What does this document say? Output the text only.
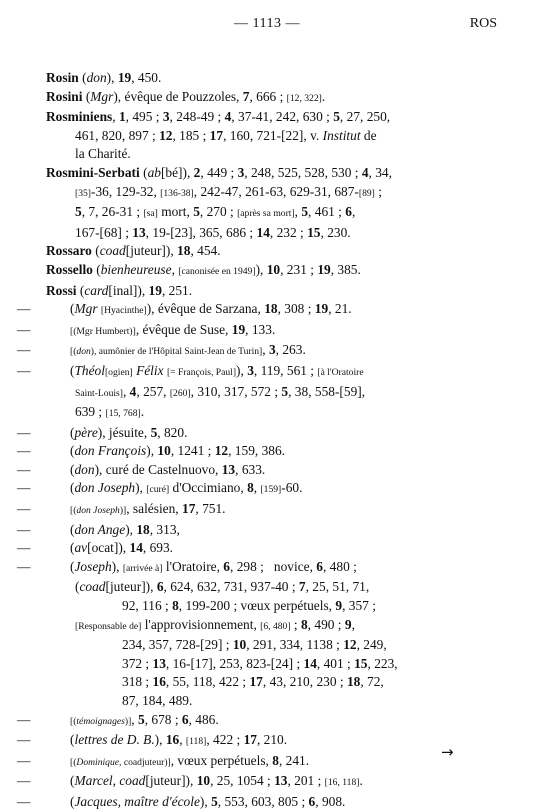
— 1113 —	ROS
Rosin (don), 19, 450.
Rosini (Mgr), évêque de Pouzzoles, 7, 666 ; [12, 322].
Rosminiens, 1, 495 ; 3, 248-49 ; 4, 37-41, 242, 630 ; 5, 27, 250,
461, 820, 897 ; 12, 185 ; 17, 160, 721-[22], v. Institut de
la Charité.
Rosmini-Serbati (ab[bé]), 2, 449 ; 3, 248, 525, 528, 530 ; 4, 34,
[35]-36, 129-32, [136-38], 242-47, 261-63, 629-31, 687-[89] ;
5, 7, 26-31 ; [sa] mort, 5, 270 ; [après sa mort], 5, 461 ; 6,
167-[68] ; 13, 19-[23], 365, 686 ; 14, 232 ; 15, 230.
Rossaro (coad[juteur]), 18, 454.
Rossello (bienheureuse, [canonisée en 1949]), 10, 231 ; 19, 385.
Rossi (card[inal]), 19, 251.
—	(Mgr [Hyacinthe]), évêque de Sarzana, 18, 308 ; 19, 21.
—	[(Mgr Humbert)], évêque de Suse, 19, 133.
—	[(don), aumônier de l'Hôpital Saint-Jean de Turin], 3, 263.
—	(Théol[ogien] Félix [= François, Paul]), 3, 119, 561 ; [à l'Oratoire
Saint-Louis], 4, 257, [260], 310, 317, 572 ; 5, 38, 558-[59],
639 ; [15, 768].
—	(père), jésuite, 5, 820.
—	(don François), 10, 1241 ; 12, 159, 386.
—	(don), curé de Castelnuovo, 13, 633.
—	(don Joseph), [curé] d'Occimiano, 8, [159]-60.
—	[(don Joseph)], salésien, 17, 751.
—	(don Ange), 18, 313,
—	(av[ocat]), 14, 693.
—	(Joseph), [arrivée à] l'Oratoire, 6, 298 ;   novice, 6, 480 ;
(coad[juteur]), 6, 624, 632, 731, 937-40 ; 7, 25, 51, 71,
92, 116 ; 8, 199-200 ; vœux perpétuels, 9, 357 ;
[Responsable de] l'approvisionnement, [6, 480] ; 8, 490 ; 9,
234, 357, 728-[29] ; 10, 291, 334, 1138 ; 12, 249,
372 ; 13, 16-[17], 253, 823-[24] ; 14, 401 ; 15, 223,
318 ; 16, 55, 118, 422 ; 17, 43, 210, 230 ; 18, 72,
87, 184, 489.
—	[(témoignages)], 5, 678 ; 6, 486.
—	(lettres de D. B.), 16, [118], 422 ; 17, 210.
—	[(Dominique, coadjuteur)], vœux perpétuels, 8, 241.
—	(Marcel, coad[juteur]), 10, 25, 1054 ; 13, 201 ; [16, 118].
—	(Jacques, maître d'école), 5, 553, 603, 805 ; 6, 908.
→
